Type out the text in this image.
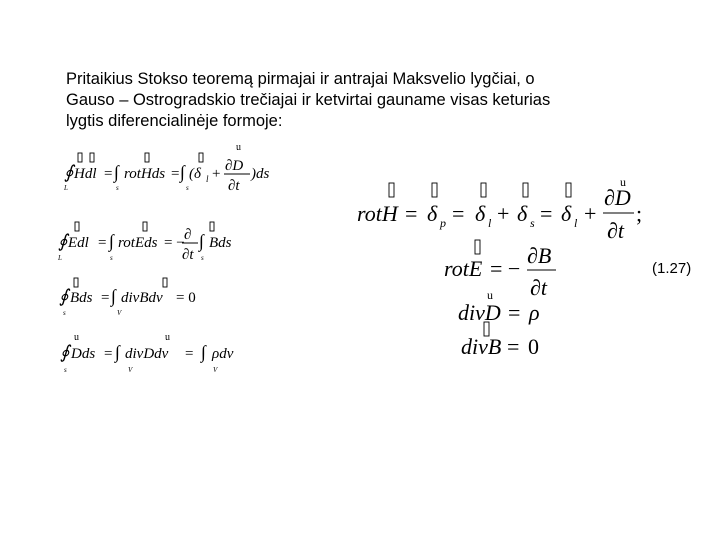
Pritaikius Stokso teoremą pirmajai ir antrajai Maksvelio lygčiai, o
Gauso – Ostrogradskio trečiajai ir ketvirtai gauname visas keturias
lygtis diferencialinėje formoje:
∮ Hdl = ∫ rotHds = ∫ (δ l +
u
∂D
∂t
)ds
L	s	s
∮ Edl = ∫ rotEds = − ∂
∂t
∫ Bds
L	s	s
∮ Bds = ∫ divBdv = 0
s	V
u	u
∮ Dds = ∫ divDdv = ∫ ρdv
s	V	V
u
rotH = δ p = δ l + δ s = δ l +
∂D
∂t
;
rotE = −
∂B
∂t
u
divD = ρ
divB = 0
(1.27)
